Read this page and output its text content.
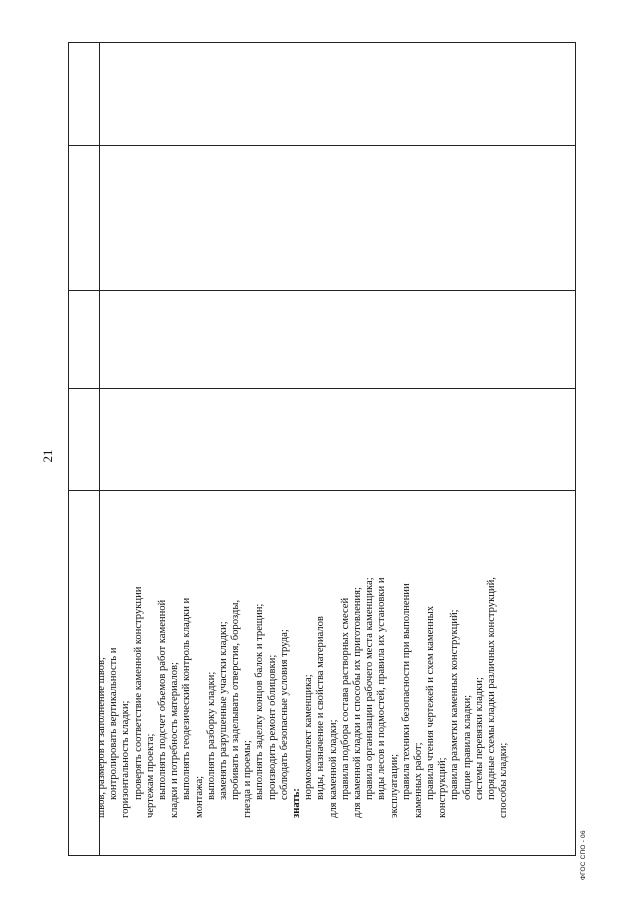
21
швов, размеров и заполнение швов; контролировать вертикальность и горизонтальность кладки; проверять соответствие каменной конструкции чертежам проекта; выполнять подсчет объемов работ каменной кладки и потребность материалов; выполнять геодезический контроль кладки и монтажа; выполнять разборку кладки; заменять разрушенные участки кладки; пробивать и заделывать отверстия, борозды, гнезда и проемы; выполнять заделку концов балок и трещин; производить ремонт облицовки; соблюдать безопасные условия труда;
знать:
нормокомплект каменщика; виды, назначение и свойства материалов для каменной кладки; правила подбора состава растворных смесей для каменной кладки и способы их приготовления; правила организации рабочего места каменщика; виды лесов и подмостей, правила их установки и эксплуатации; правила техники безопасности при выполнении каменных работ; правила чтения чертежей и схем каменных конструкций; правила разметки каменных конструкций; общие правила кладки; системы перевязки кладки; порядные схемы кладки различных конструкций, способы кладки;
ФГОС СПО - 06
